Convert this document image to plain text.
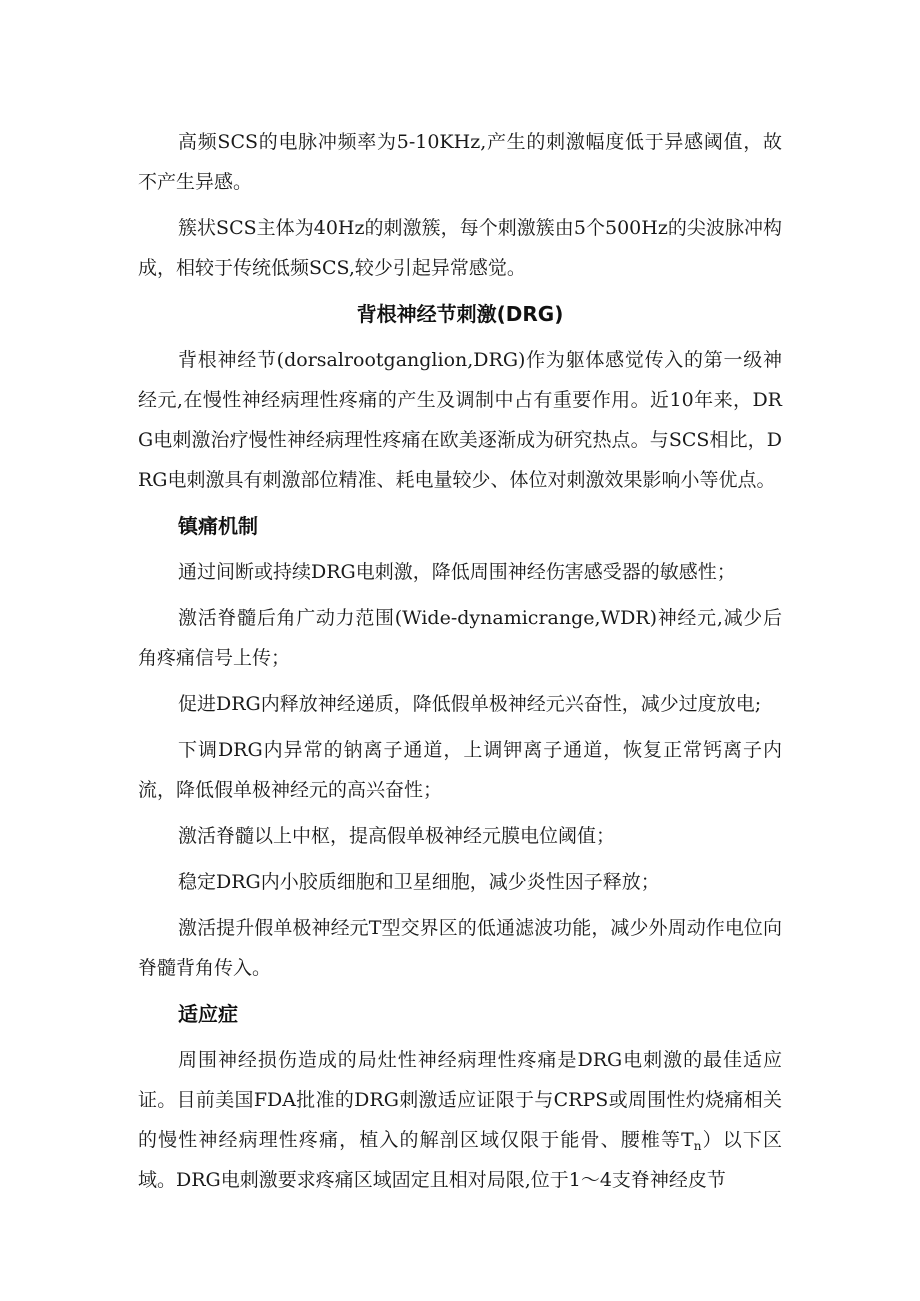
高频SCS的电脉冲频率为5-10KHz,产生的刺激幅度低于异感阈值，故不产生异感。

簇状SCS主体为40Hz的刺激簇，每个刺激簇由5个500Hz的尖波脉冲构成，相较于传统低频SCS,较少引起异常感觉。

背根神经节刺激(DRG)

背根神经节(dorsalrootganglion,DRG)作为躯体感觉传入的第一级神经元,在慢性神经病理性疼痛的产生及调制中占有重要作用。近10年来，DRG电刺激治疗慢性神经病理性疼痛在欧美逐渐成为研究热点。与SCS相比，DRG电刺激具有刺激部位精准、耗电量较少、体位对刺激效果影响小等优点。

镇痛机制

通过间断或持续DRG电刺激，降低周围神经伤害感受器的敏感性；

激活脊髓后角广动力范围(Wide-dynamicrange,WDR)神经元,减少后角疼痛信号上传；

促进DRG内释放神经递质，降低假单极神经元兴奋性，减少过度放电;

下调DRG内异常的钠离子通道，上调钾离子通道，恢复正常钙离子内流，降低假单极神经元的高兴奋性；

激活脊髓以上中枢，提高假单极神经元膜电位阈值；

稳定DRG内小胶质细胞和卫星细胞，减少炎性因子释放；

激活提升假单极神经元T型交界区的低通滤波功能，减少外周动作电位向脊髓背角传入。

适应症

周围神经损伤造成的局灶性神经病理性疼痛是DRG电刺激的最佳适应证。目前美国FDA批准的DRG刺激适应证限于与CRPS或周围性灼烧痛相关的慢性神经病理性疼痛，植入的解剖区域仅限于能骨、腰椎等$T_n$）以下区域。DRG电刺激要求疼痛区域固定且相对局限,位于1～4支脊神经皮节
